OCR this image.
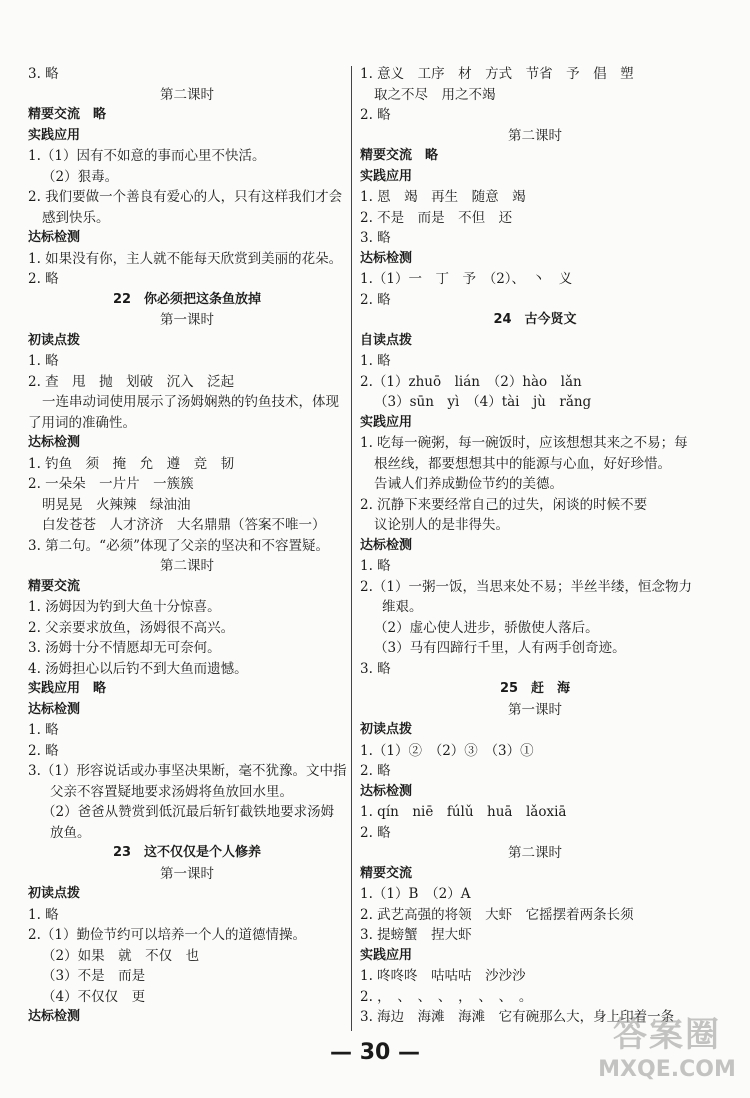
3. 略
第二课时
精要交流　略
实践应用
1.（1）因有不如意的事而心里不快活。
（2）狠毒。
2. 我们要做一个善良有爱心的人，只有这样我们才会
感到快乐。
达标检测
1. 如果没有你，主人就不能每天欣赏到美丽的花朵。
2. 略
22　你必须把这条鱼放掉
第一课时
初读点拨
1. 略
2. 查　甩　抛　划破　沉入　泛起
一连串动词使用展示了汤姆娴熟的钓鱼技术，体现
了用词的准确性。
达标检测
1. 钓鱼　须　掩　允　遵　竞　韧
2. 一朵朵　一片片　一簇簇
明晃晃　火辣辣　绿油油
白发苍苍　人才济济　大名鼎鼎（答案不唯一）
3. 第二句。“必须”体现了父亲的坚决和不容置疑。
第二课时
精要交流
1. 汤姆因为钓到大鱼十分惊喜。
2. 父亲要求放鱼，汤姆很不高兴。
3. 汤姆十分不情愿却无可奈何。
4. 汤姆担心以后钓不到大鱼而遗憾。
实践应用　略
达标检测
1. 略
2. 略
3.（1）形容说话或办事坚决果断，毫不犹豫。文中指
父亲不容置疑地要求汤姆将鱼放回水里。
（2）爸爸从赞赏到低沉最后斩钉截铁地要求汤姆
放鱼。
23　这不仅仅是个人修养
第一课时
初读点拨
1. 略
2.（1）勤俭节约可以培养一个人的道德情操。
（2）如果　就　不仅　也
（3）不是　而是
（4）不仅仅　更
达标检测
1. 意义　工序　材　方式　节省　予　倡　塑
取之不尽　用之不竭
2. 略
第二课时
精要交流　略
实践应用
1. 恩　竭　再生　随意　竭
2. 不是　而是　不但　还
3. 略
达标检测
1.（1）一　丁　予　（2）、　丶　义
2. 略
24　古今贤文
自读点拨
1. 略
2.（1）zhuō　lián　（2）hào　lǎn
（3）sūn　yì　（4）tài　jù　rǎng
实践应用
1. 吃每一碗粥，每一碗饭时，应该想想其来之不易；每
根丝线，都要想想其中的能源与心血，好好珍惜。
告诫人们养成勤俭节约的美德。
2. 沉静下来要经常自己的过失，闲谈的时候不要
议论别人的是非得失。
达标检测
1. 略
2.（1）一粥一饭，当思来处不易；半丝半缕，恒念物力
维艰。
（2）虚心使人进步，骄傲使人落后。
（3）马有四蹄行千里，人有两手创奇迹。
3. 略
25　赶　海
第一课时
初读点拨
1.（1）②　（2）③　（3）①
2. 略
达标检测
1. qín　niē　fúlǔ　huā　lǎoxiā
2. 略
第二课时
精要交流
1.（1）B　（2）A
2. 武艺高强的将领　大虾　它摇摆着两条长须
3. 提螃蟹　捏大虾
实践应用
1. 咚咚咚　咕咕咕　沙沙沙
2. ，　、　、　、　，　、　、　。
3. 海边　海滩　海滩　它有碗那么大，身上印着一条
— 30 —	答案圈
MXQE.COM
